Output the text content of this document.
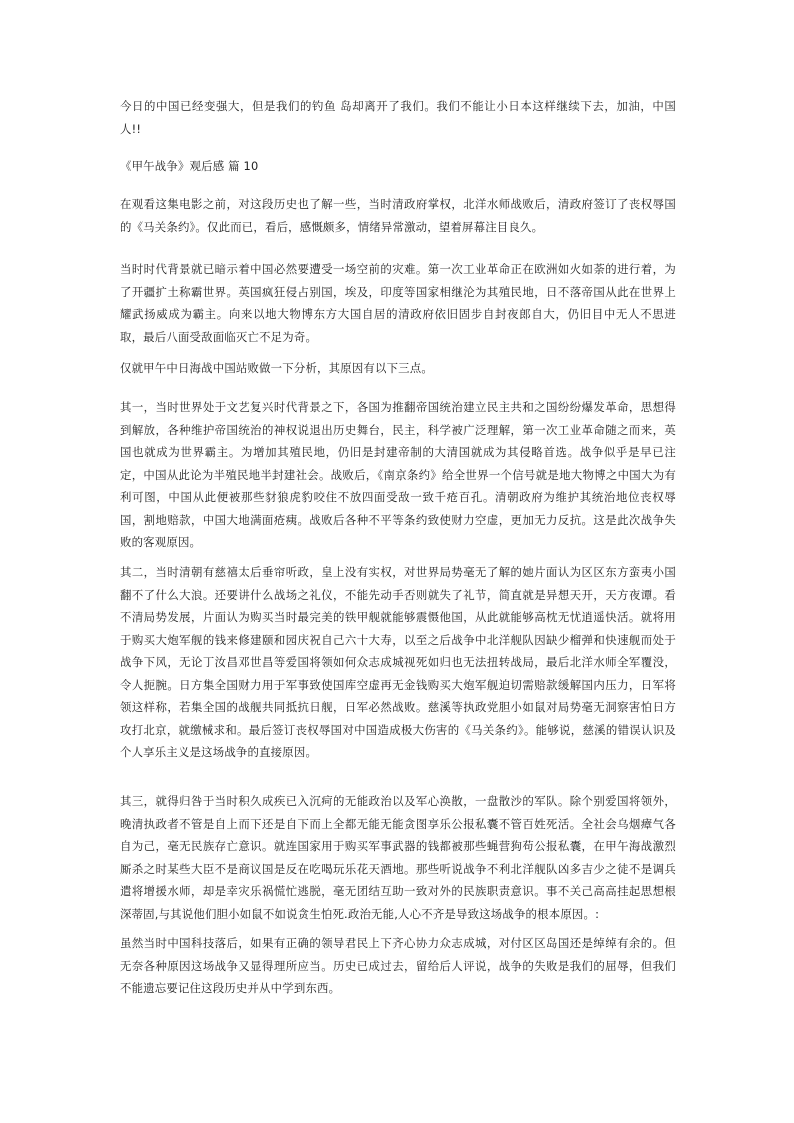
今日的中国已经变强大，但是我们的钓鱼 岛却离开了我们。我们不能让小日本这样继续下去，加油，中国人!!

《甲午战争》观后感 篇 10

在观看这集电影之前，对这段历史也了解一些，当时清政府掌权，北洋水师战败后，清政府签订了丧权辱国的《马关条约》。仅此而已，看后，感慨颇多，情绪异常激动，望着屏幕注目良久。

当时时代背景就已暗示着中国必然要遭受一场空前的灾难。第一次工业革命正在欧洲如火如荼的进行着，为了开疆扩土称霸世界。英国疯狂侵占别国，埃及，印度等国家相继沦为其殖民地，日不落帝国从此在世界上耀武扬威成为霸主。向来以地大物博东方大国自居的清政府依旧固步自封夜郎自大，仍旧目中无人不思进取，最后八面受敌面临灭亡不足为奇。

仅就甲午中日海战中国站败做一下分析，其原因有以下三点。

其一，当时世界处于文艺复兴时代背景之下，各国为推翻帝国统治建立民主共和之国纷纷爆发革命，思想得到解放，各种维护帝国统治的神权说退出历史舞台，民主，科学被广泛理解，第一次工业革命随之而来，英国也就成为世界霸主。为增加其殖民地，仍旧是封建帝制的大清国就成为其侵略首选。战争似乎是早已注定，中国从此论为半殖民地半封建社会。战败后，《南京条约》给全世界一个信号就是地大物博之中国大为有利可图，中国从此便被那些豺狼虎豹咬住不放四面受敌一致千疮百孔。清朝政府为维护其统治地位丧权辱国，割地赔款，中国大地满面疮痍。战败后各种不平等条约致使财力空虚，更加无力反抗。这是此次战争失败的客观原因。

其二，当时清朝有慈禧太后垂帘听政，皇上没有实权，对世界局势毫无了解的她片面认为区区东方蛮夷小国翻不了什么大浪。还要讲什么战场之礼仪，不能先动手否则就失了礼节，简直就是异想天开，天方夜谭。看不清局势发展，片面认为购买当时最完美的铁甲舰就能够震慑他国，从此就能够高枕无忧逍遥快活。就将用于购买大炮军舰的钱来修建颐和园庆祝自己六十大寿，以至之后战争中北洋舰队因缺少榴弹和快速舰而处于战争下风，无论丁汝昌邓世昌等爱国将领如何众志成城视死如归也无法扭转战局，最后北洋水师全军覆没，令人扼腕。日方集全国财力用于军事致使国库空虚再无金钱购买大炮军舰迫切需赔款缓解国内压力，日军将领这样称，若集全国的战舰共同抵抗日舰，日军必然战败。慈溪等执政党胆小如鼠对局势毫无洞察害怕日方攻打北京，就缴械求和。最后签订丧权辱国对中国造成极大伤害的《马关条约》。能够说，慈溪的错误认识及个人享乐主义是这场战争的直接原因。

其三，就得归咎于当时积久成疾已入沉疴的无能政治以及军心涣散，一盘散沙的军队。除个别爱国将领外，晚清执政者不管是自上而下还是自下而上全都无能无能贪图享乐公报私囊不管百姓死活。全社会乌烟瘴气各自为己，毫无民族存亡意识。就连国家用于购买军事武器的钱都被那些蝇营狗苟公报私囊，在甲午海战激烈厮杀之时某些大臣不是商议国是反在吃喝玩乐花天酒地。那些听说战争不利北洋舰队凶多吉少之徒不是调兵遣将增援水师，却是幸灾乐祸慌忙逃脱，毫无团结互助一致对外的民族职责意识。事不关己高高挂起思想根深蒂固,与其说他们胆小如鼠不如说贪生怕死.政治无能,人心不齐是导致这场战争的根本原因。:

虽然当时中国科技落后，如果有正确的领导君民上下齐心协力众志成城，对付区区岛国还是绰绰有余的。但无奈各种原因这场战争又显得理所应当。历史已成过去，留给后人评说，战争的失败是我们的屈辱，但我们不能遗忘要记住这段历史并从中学到东西。
